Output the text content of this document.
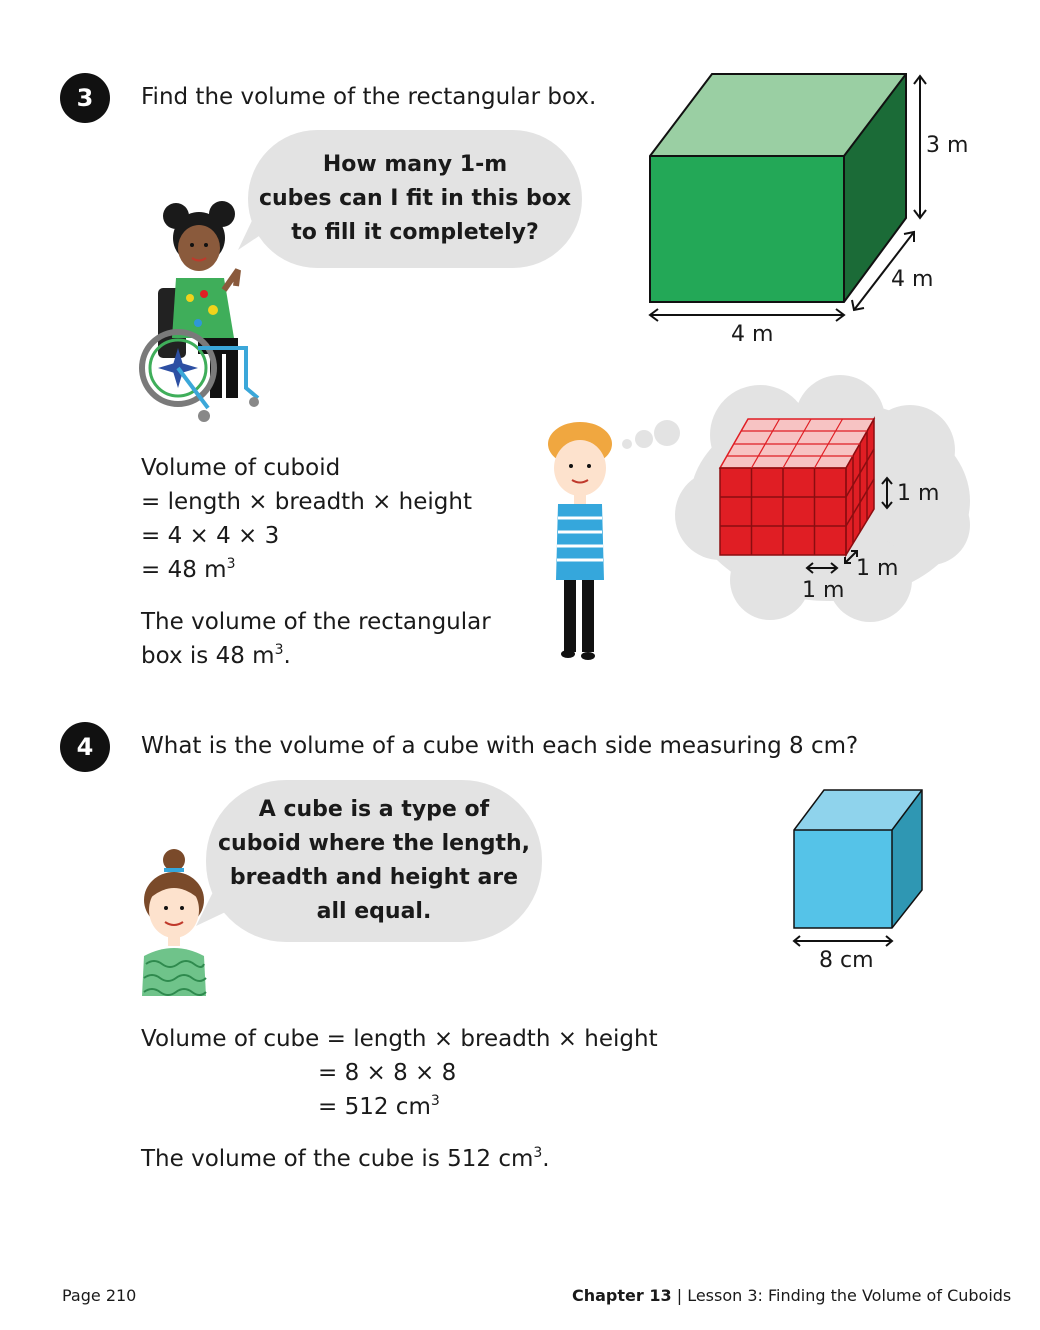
3	Find the volume of the rectangular box.
How many 1-m
cubes can I fit in this box
to fill it completely?
3 m
4 m
4 m
1 m
1 m
1 m
Volume of cuboid
= length × breadth × height
= 4 × 4 × 3
= 48 $m^3$
The volume of the rectangular
box is 48 $m^3$.
4	What is the volume of a cube with each side measuring 8 cm?
A cube is a type of
cuboid where the length,
breadth and height are
all equal.
8 cm
Volume of cube = length × breadth × height
= 8 × 8 × 8
= 512 $cm^3$
The volume of the cube is 512 $cm^3$.
Page 210	Chapter 13 | Lesson 3: Finding the Volume of Cuboids
